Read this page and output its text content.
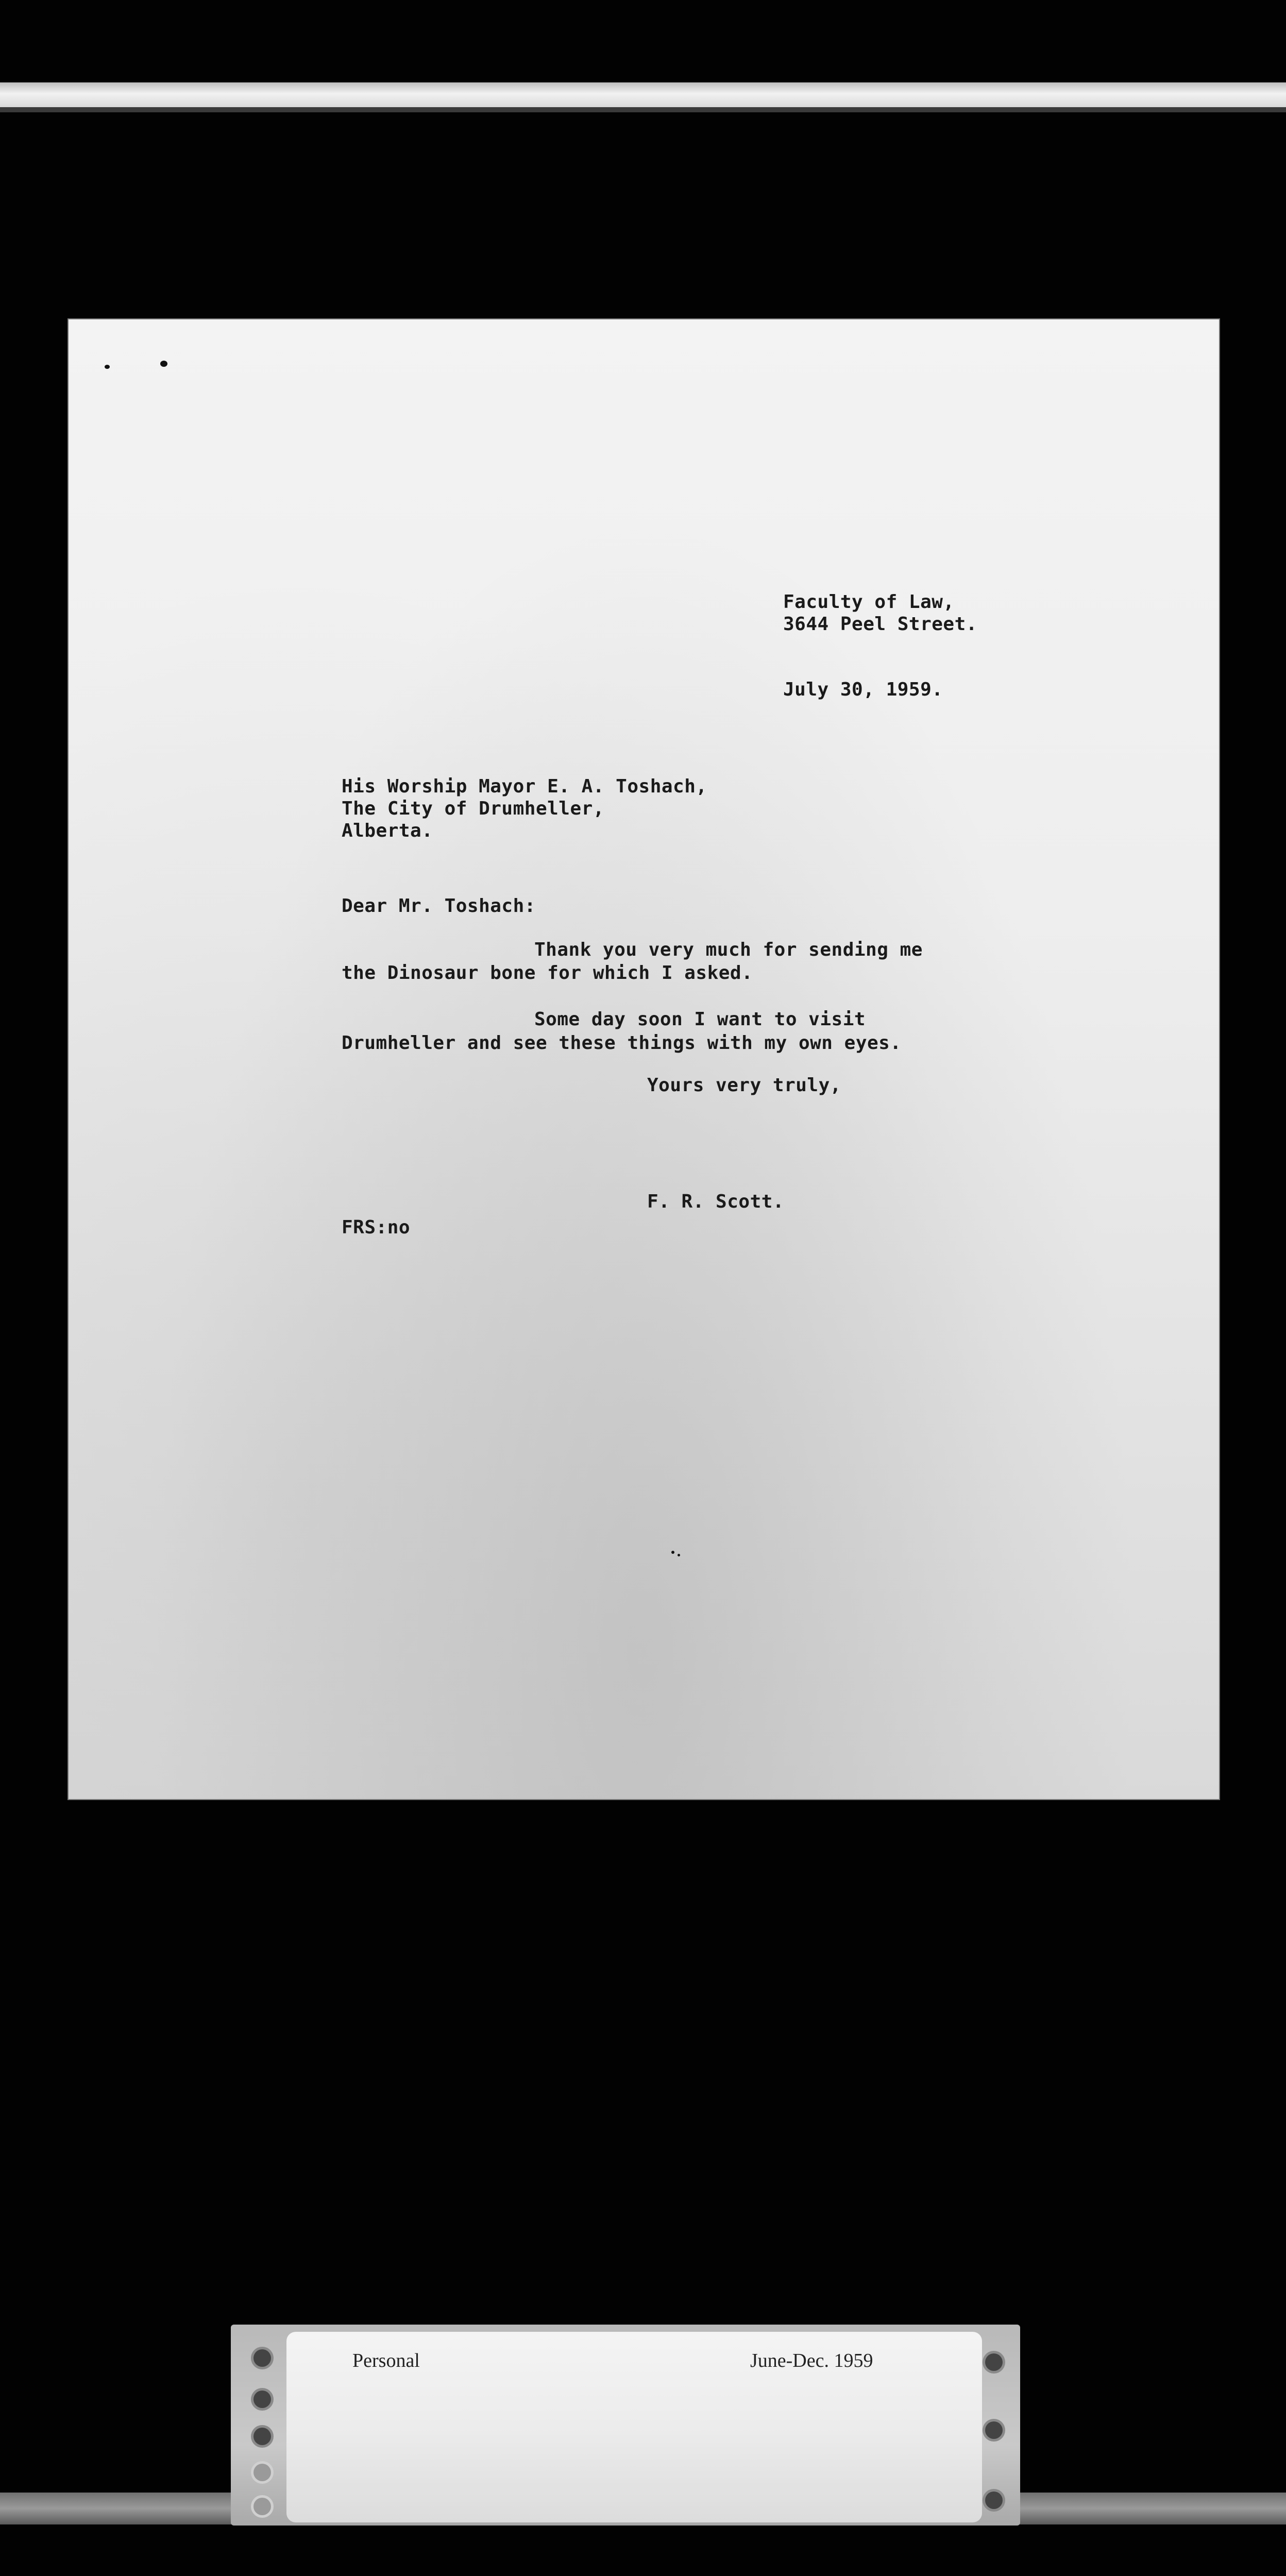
Faculty of Law,
3644 Peel Street.
July 30, 1959.
His Worship Mayor E. A. Toshach,
The City of Drumheller,
Alberta.
Dear Mr. Toshach:
Thank you very much for sending me
the Dinosaur bone for which I asked.
Some day soon I want to visit
Drumheller and see these things with my own eyes.
Yours very truly,
F. R. Scott.
FRS:no
Personal	June-Dec. 1959
